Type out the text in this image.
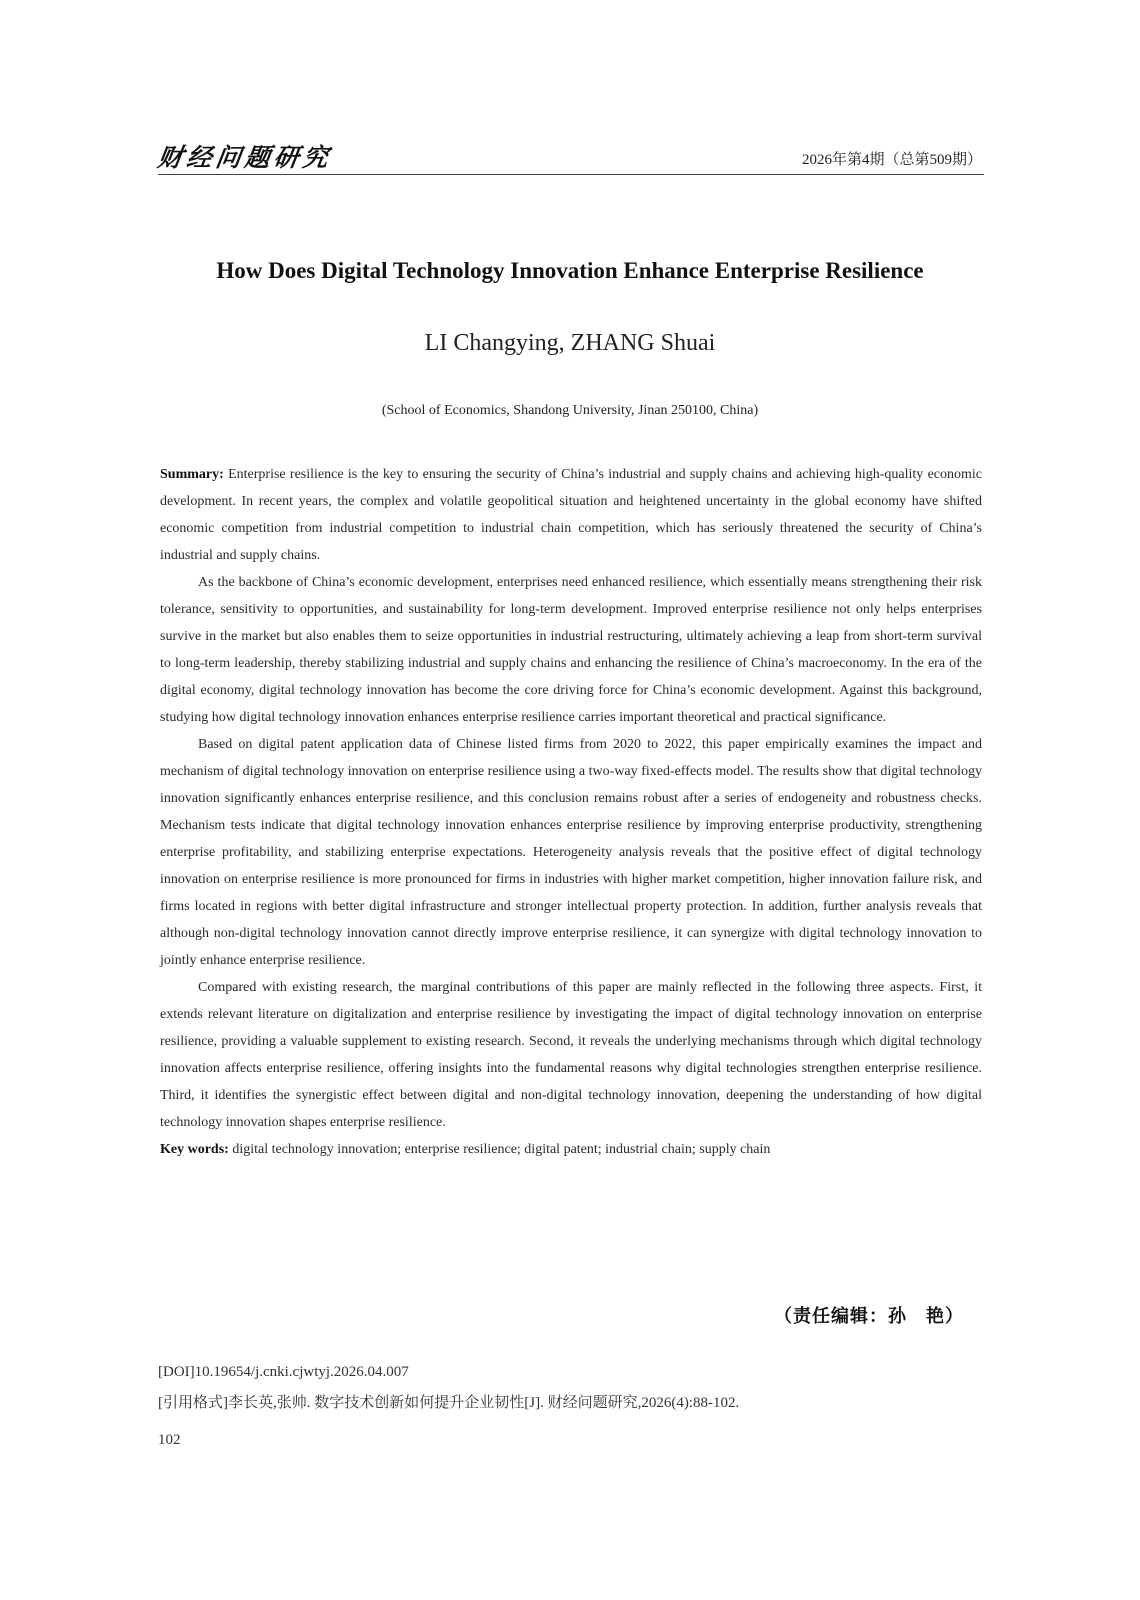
财经问题研究	2026年第4期（总第509期）
How Does Digital Technology Innovation Enhance Enterprise Resilience
LI Changying, ZHANG Shuai
(School of Economics, Shandong University, Jinan 250100, China)

Summary: Enterprise resilience is the key to ensuring the security of China’s industrial and supply chains and achieving high-quality economic development. In recent years, the complex and volatile geopolitical situation and heightened uncertainty in the global economy have shifted economic competition from industrial competition to industrial chain competition, which has seriously threatened the security of China’s industrial and supply chains.

As the backbone of China’s economic development, enterprises need enhanced resilience, which essentially means strengthening their risk tolerance, sensitivity to opportunities, and sustainability for long-term development. Improved enterprise resilience not only helps enterprises survive in the market but also enables them to seize opportunities in industrial restructuring, ultimately achieving a leap from short-term survival to long-term leadership, thereby stabilizing industrial and supply chains and enhancing the resilience of China’s macroeconomy. In the era of the digital economy, digital technology innovation has become the core driving force for China’s economic development. Against this background, studying how digital technology innovation enhances enterprise resilience carries important theoretical and practical significance.

Based on digital patent application data of Chinese listed firms from 2020 to 2022, this paper empirically examines the impact and mechanism of digital technology innovation on enterprise resilience using a two-way fixed-effects model. The results show that digital technology innovation significantly enhances enterprise resilience, and this conclusion remains robust after a series of endogeneity and robustness checks. Mechanism tests indicate that digital technology innovation enhances enterprise resilience by improving enterprise productivity, strengthening enterprise profitability, and stabilizing enterprise expectations. Heterogeneity analysis reveals that the positive effect of digital technology innovation on enterprise resilience is more pronounced for firms in industries with higher market competition, higher innovation failure risk, and firms located in regions with better digital infrastructure and stronger intellectual property protection. In addition, further analysis reveals that although non-digital technology innovation cannot directly improve enterprise resilience, it can synergize with digital technology innovation to jointly enhance enterprise resilience.

Compared with existing research, the marginal contributions of this paper are mainly reflected in the following three aspects. First, it extends relevant literature on digitalization and enterprise resilience by investigating the impact of digital technology innovation on enterprise resilience, providing a valuable supplement to existing research. Second, it reveals the underlying mechanisms through which digital technology innovation affects enterprise resilience, offering insights into the fundamental reasons why digital technologies strengthen enterprise resilience. Third, it identifies the synergistic effect between digital and non-digital technology innovation, deepening the understanding of how digital technology innovation shapes enterprise resilience.

Key words: digital technology innovation; enterprise resilience; digital patent; industrial chain; supply chain

（责任编辑：孙　艳）
[DOI]10.19654/j.cnki.cjwtyj.2026.04.007
[引用格式]李长英,张帅. 数字技术创新如何提升企业韧性[J]. 财经问题研究,2026(4):88-102.
102
